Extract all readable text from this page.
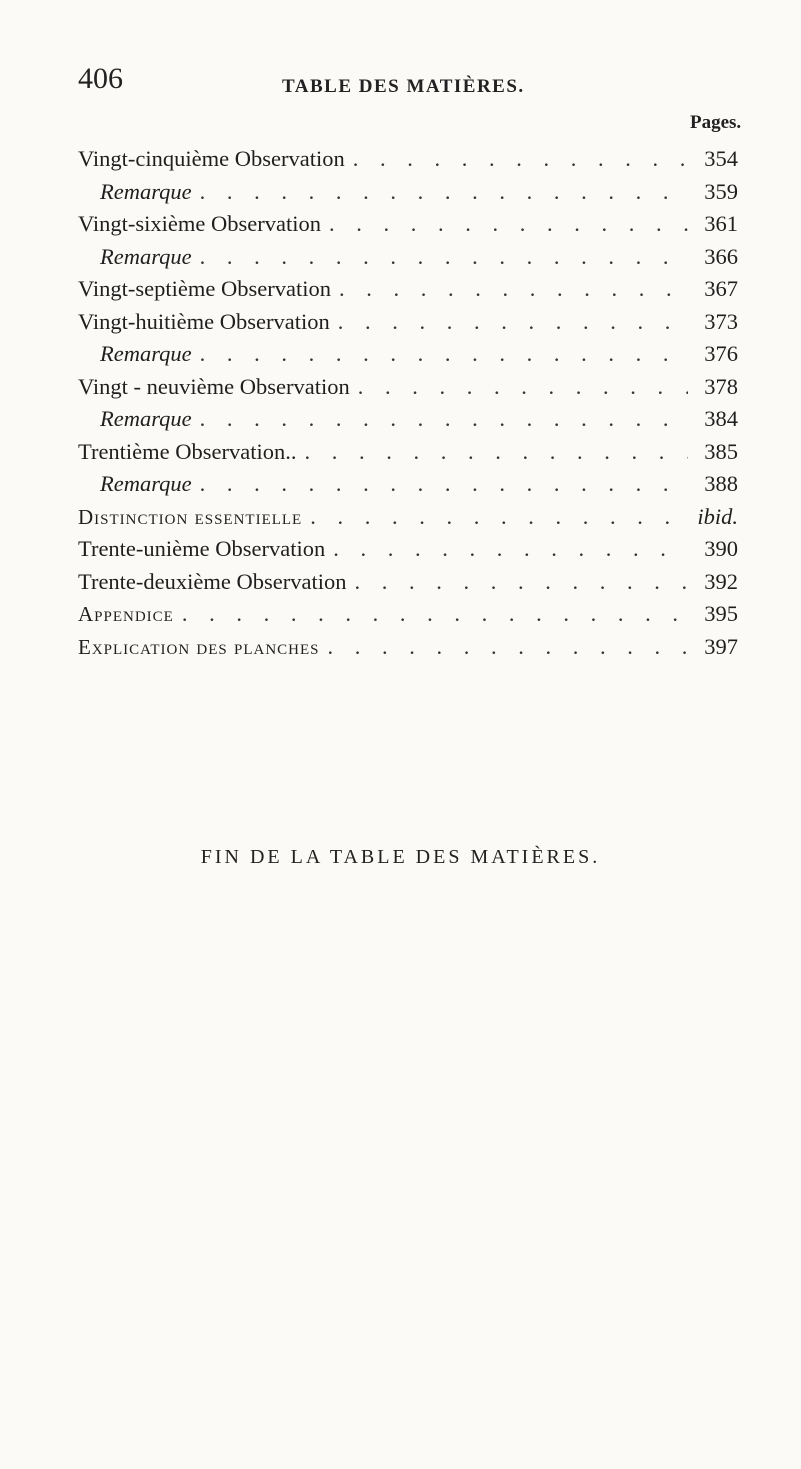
406	TABLE DES MATIÈRES.
Pages.
Vingt-cinquième Observation . . .	354
Remarque . . .	359
Vingt-sixième Observation . . .	361
Remarque . . .	366
Vingt-septième Observation . . .	367
Vingt-huitième Observation . . .	373
Remarque . . .	376
Vingt - neuvième Observation . . .	378
Remarque . . .	384
Trentième Observation.. . . .	385
Remarque . . .	388
Distinction essentielle . . .	ibid.
Trente-unième Observation . . .	390
Trente-deuxième Observation . . .	392
Appendice . . .	395
Explication des planches . . .	397
FIN DE LA TABLE DES MATIÈRES.
